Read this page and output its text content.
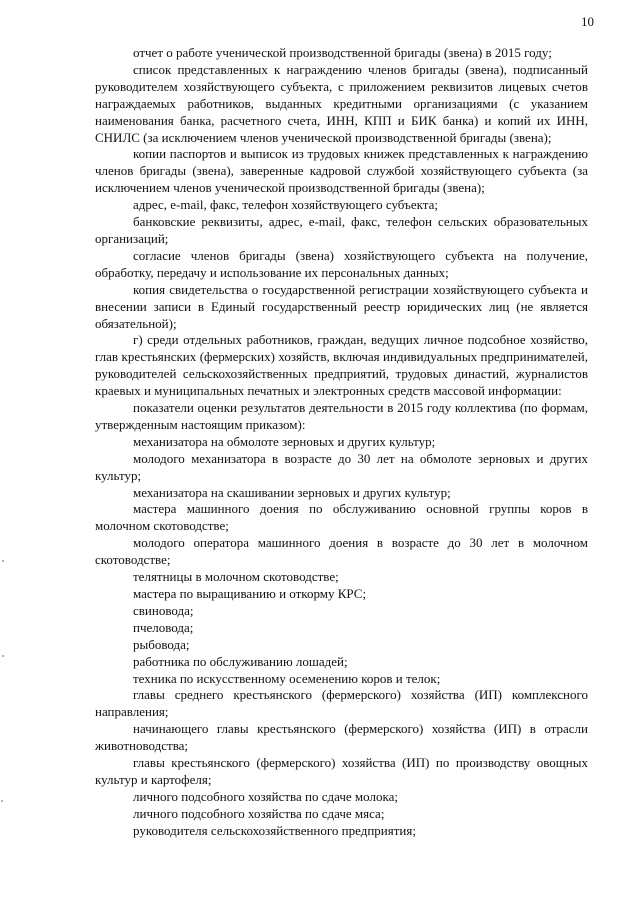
10

отчет о работе ученической производственной бригады (звена) в 2015 году;

список представленных к награждению членов бригады (звена), подписанный руководителем хозяйствующего субъекта, с приложением реквизитов лицевых счетов награждаемых работников, выданных кредитными организациями (с указанием наименования банка, расчетного счета, ИНН, КПП и БИК банка) и копий их ИНН, СНИЛС (за исключением членов ученической производственной бригады (звена);

копии паспортов и выписок из трудовых книжек представленных к награждению членов бригады (звена), заверенные кадровой службой хозяйствующего субъекта (за исключением членов ученической производственной бригады (звена);

адрес, e-mail, факс, телефон хозяйствующего субъекта;

банковские реквизиты, адрес, e-mail, факс, телефон сельских образовательных организаций;

согласие членов бригады (звена) хозяйствующего субъекта на получение, обработку, передачу и использование их персональных данных;

копия свидетельства о государственной регистрации хозяйствующего субъекта и внесении записи в Единый государственный реестр юридических лиц (не является обязательной);

г) среди отдельных работников, граждан, ведущих личное подсобное хозяйство, глав крестьянских (фермерских) хозяйств, включая индивидуальных предпринимателей, руководителей сельскохозяйственных предприятий, трудовых династий, журналистов краевых и муниципальных печатных и электронных средств массовой информации:

показатели оценки результатов деятельности в 2015 году коллектива (по формам, утвержденным настоящим приказом):

механизатора на обмолоте зерновых и других культур;

молодого механизатора в возрасте до 30 лет на обмолоте зерновых и других культур;

механизатора на скашивании зерновых и других культур;

мастера машинного доения по обслуживанию основной группы коров в молочном скотоводстве;

молодого оператора машинного доения в возрасте до 30 лет в молочном скотоводстве;

телятницы в молочном скотоводстве;

мастера по выращиванию и откорму КРС;

свиновода;

пчеловода;

рыбовода;

работника по обслуживанию лошадей;

техника по искусственному осеменению коров и телок;

главы среднего крестьянского (фермерского) хозяйства (ИП) комплексного направления;

начинающего главы крестьянского (фермерского) хозяйства (ИП) в отрасли животноводства;

главы крестьянского (фермерского) хозяйства (ИП) по производству овощных культур и картофеля;

личного подсобного хозяйства по сдаче молока;

личного подсобного хозяйства по сдаче мяса;

руководителя сельскохозяйственного предприятия;
